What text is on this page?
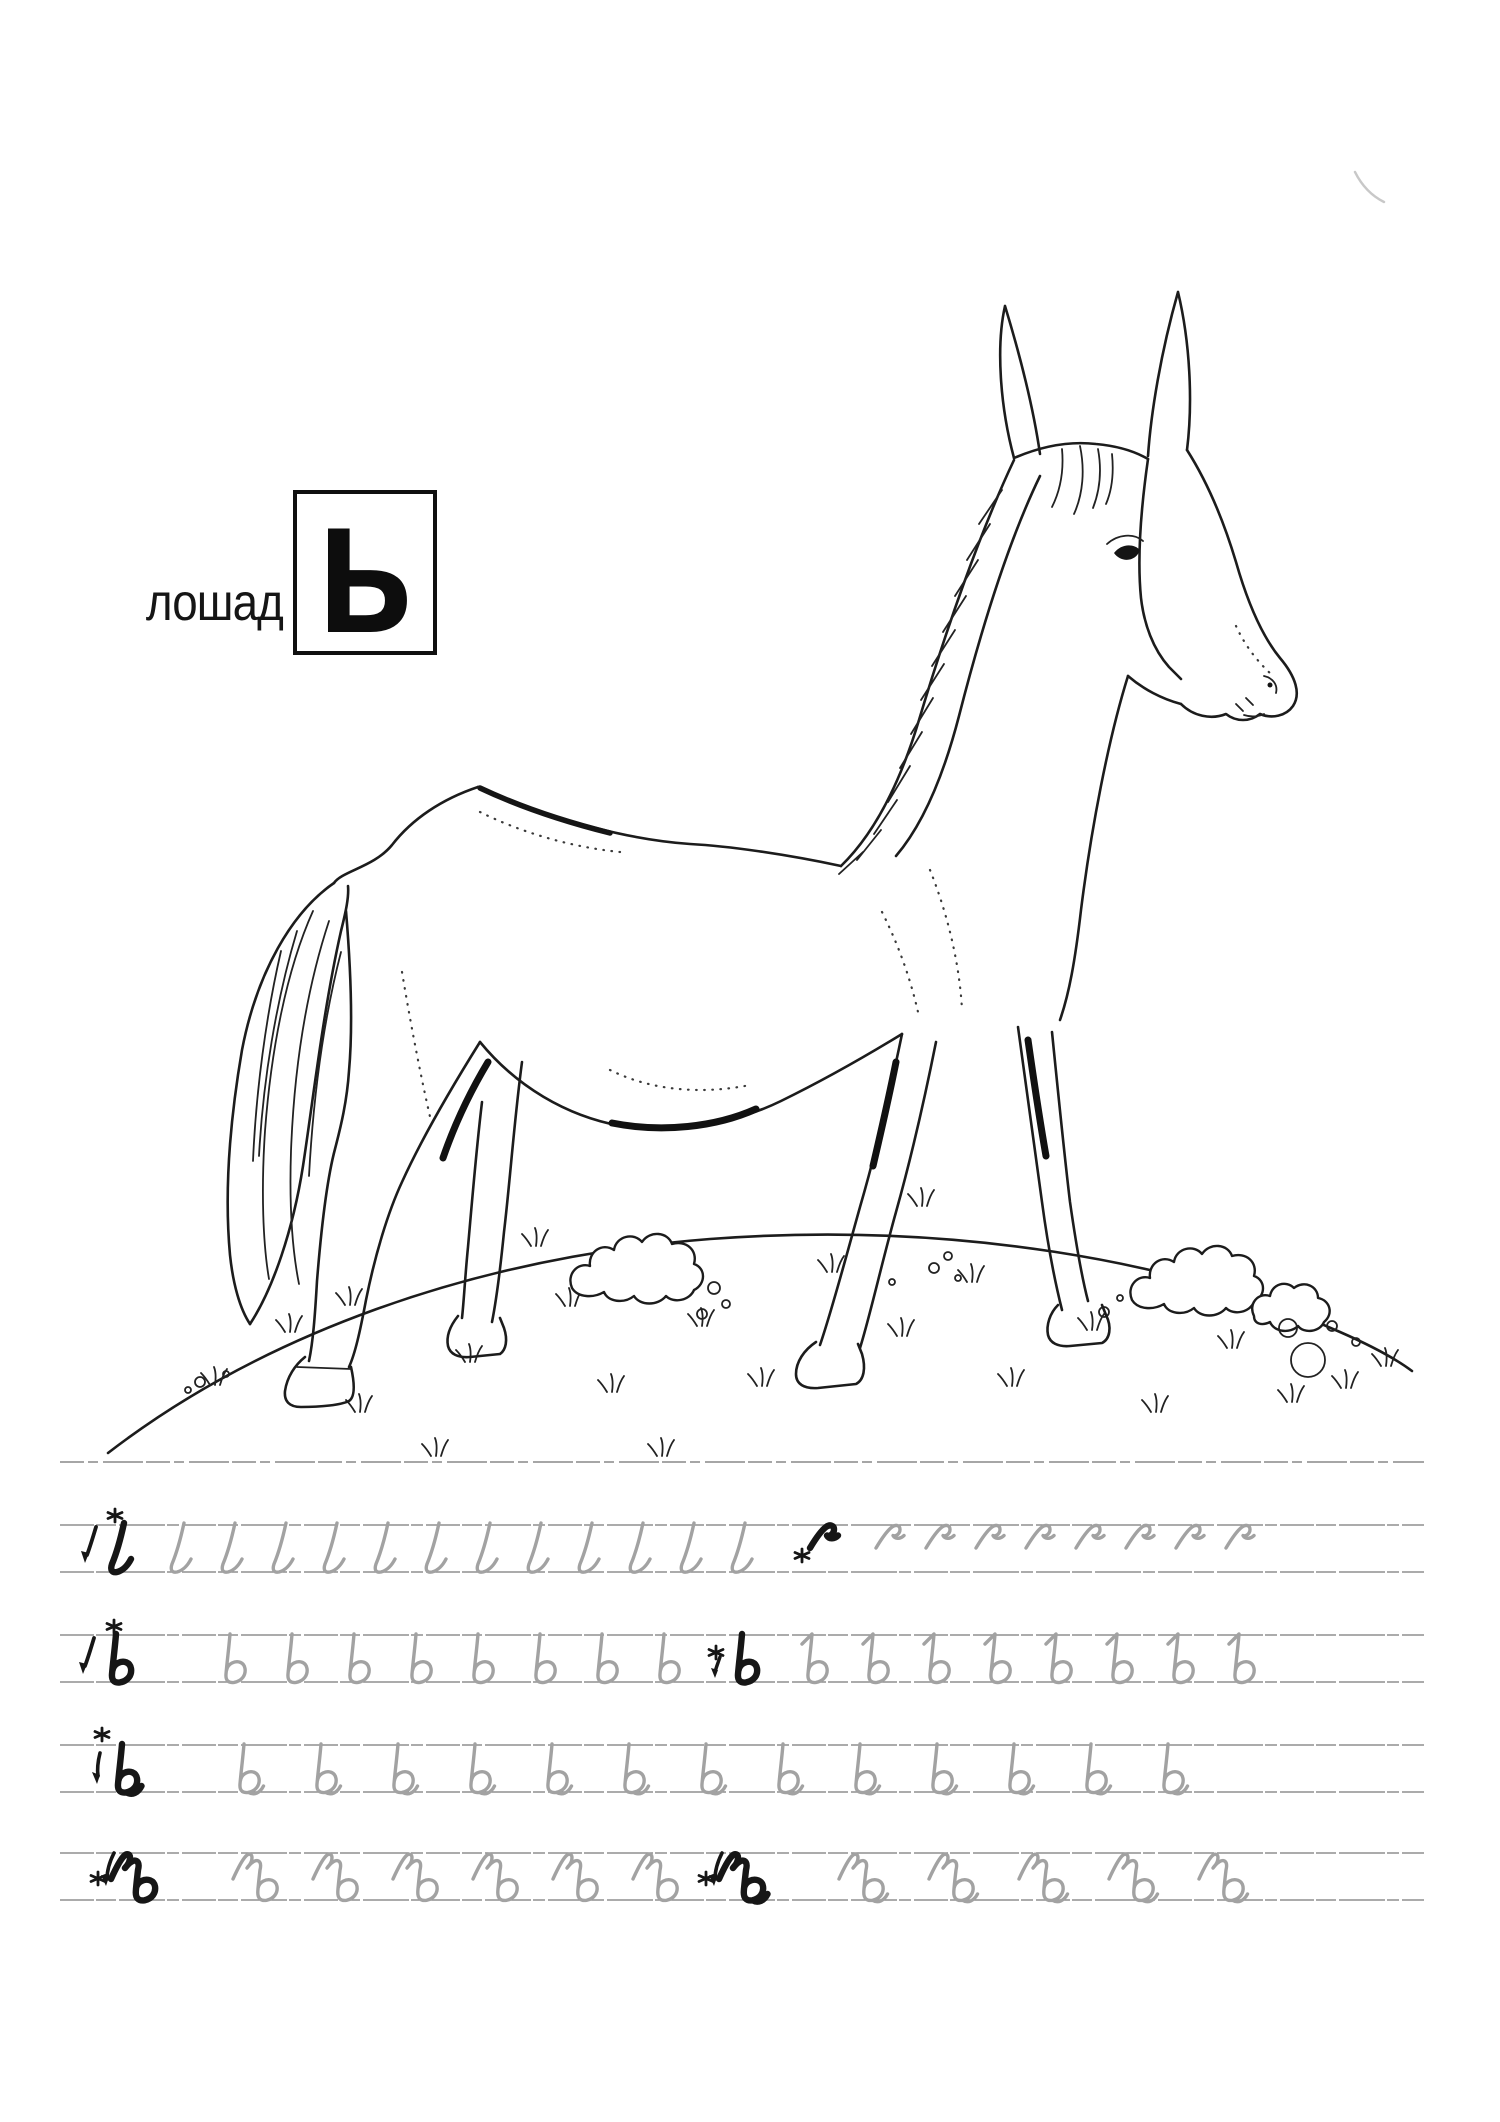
лошад ь
